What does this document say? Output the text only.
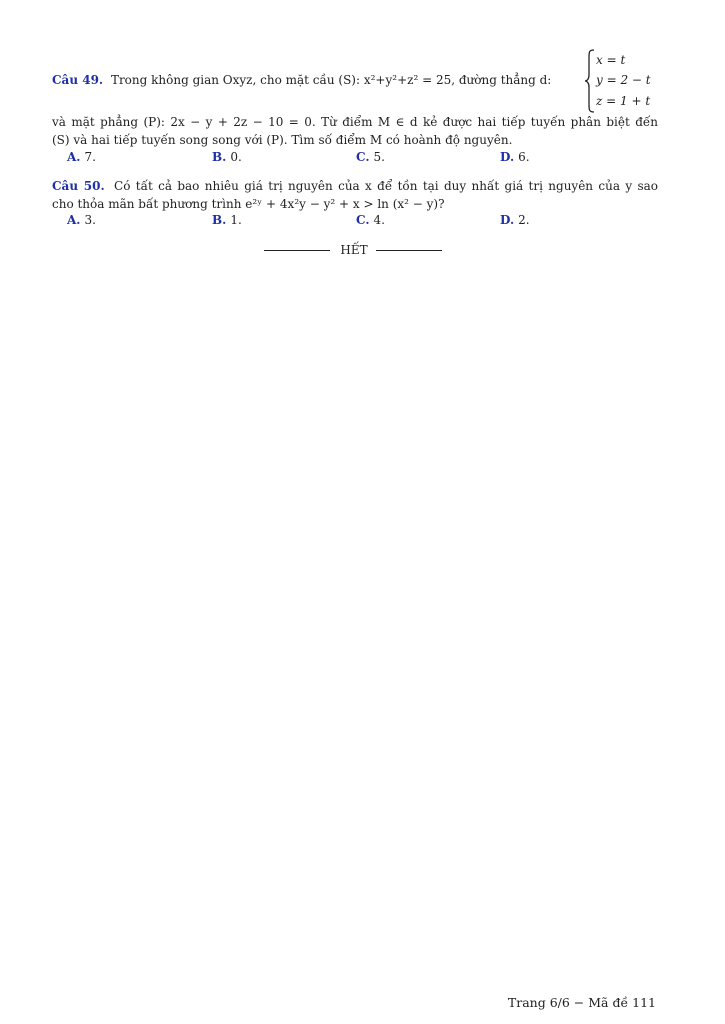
Câu 49. Trong không gian Oxyz, cho mặt cầu (S): x²+y²+z² = 25, đường thẳng d:
x = t
y = 2 − t
z = 1 + t
và mặt phẳng (P): 2x − y + 2z − 10 = 0. Từ điểm M ∈ d kẻ được hai tiếp tuyến phân biệt đến
(S) và hai tiếp tuyến song song với (P). Tìm số điểm M có hoành độ nguyên.
A. 7.	B. 0.	C. 5.	D. 6.
Câu 50. Có tất cả bao nhiêu giá trị nguyên của x để tồn tại duy nhất giá trị nguyên của y sao
cho thỏa mãn bất phương trình e²ʸ + 4x²y − y² + x > ln (x² − y)?
A. 3.	B. 1.	C. 4.	D. 2.
HẾT
Trang 6/6 − Mã đề 111
